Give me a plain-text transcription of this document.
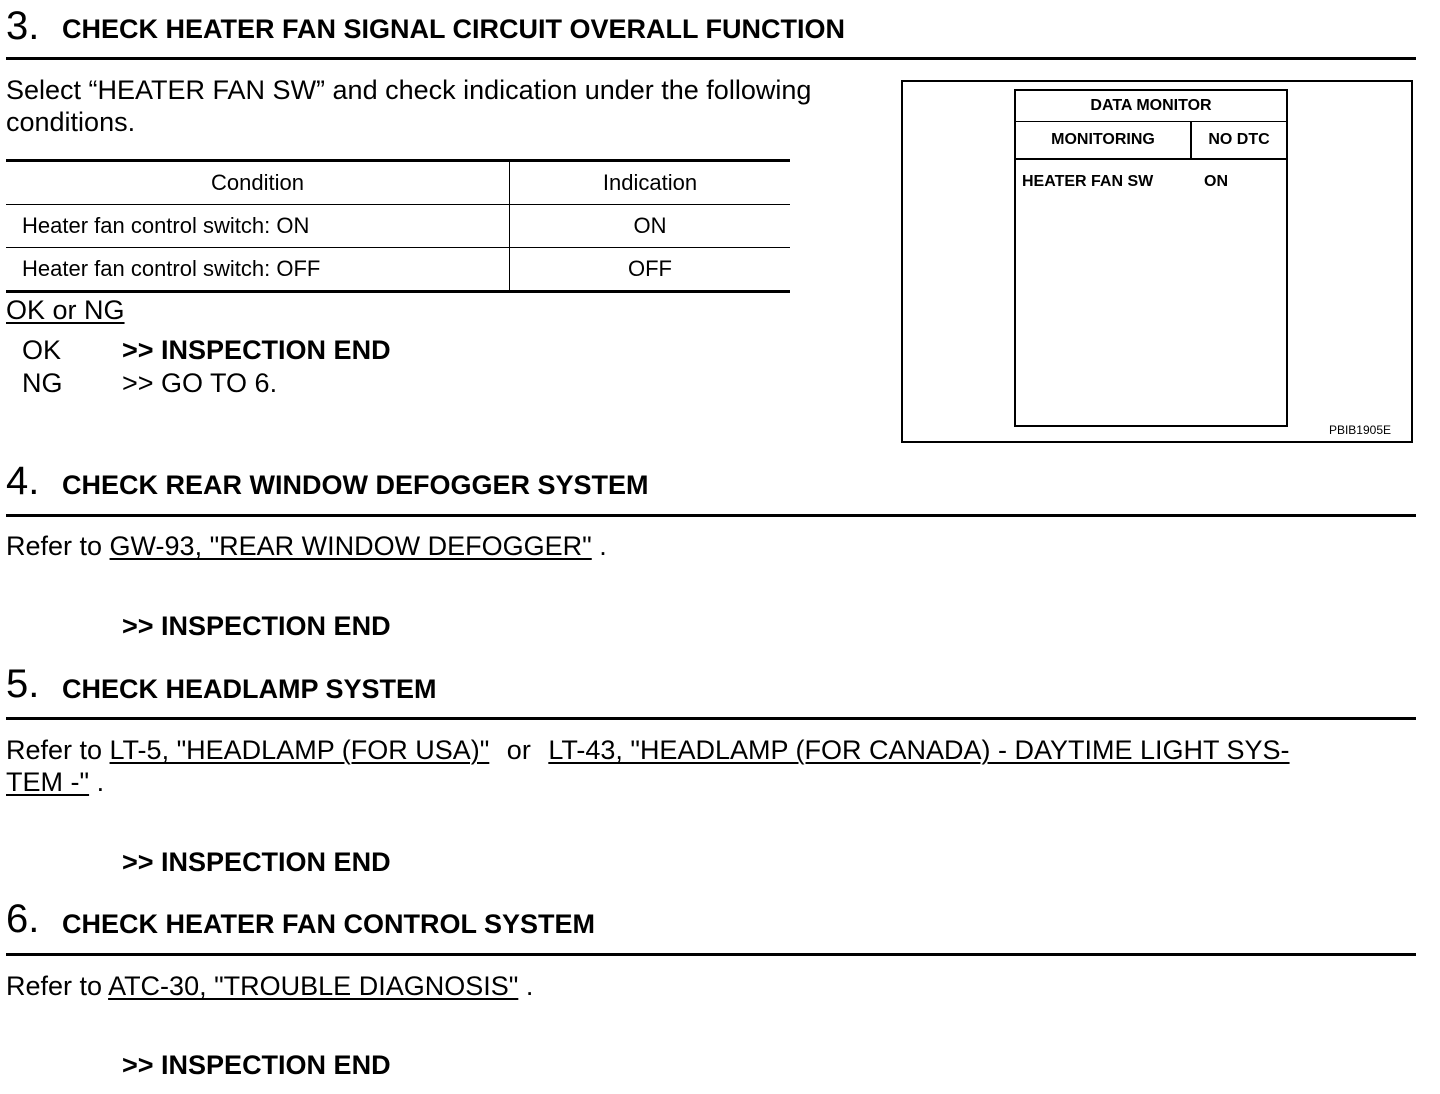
3. CHECK HEATER FAN SIGNAL CIRCUIT OVERALL FUNCTION
Select “HEATER FAN SW” and check indication under the following
conditions.
Condition	Indication
Heater fan control switch: ON	ON
Heater fan control switch: OFF	OFF
OK or NG
OK >> INSPECTION END
NG >> GO TO 6.
DATA MONITOR
MONITORING	NO DTC
HEATER FAN SW	ON
PBIB1905E
4. CHECK REAR WINDOW DEFOGGER SYSTEM
Refer to GW-93, "REAR WINDOW DEFOGGER" .
>> INSPECTION END
5. CHECK HEADLAMP SYSTEM
Refer to LT-5, "HEADLAMP (FOR USA)" or LT-43, "HEADLAMP (FOR CANADA) - DAYTIME LIGHT SYS-
TEM -" .
>> INSPECTION END
6. CHECK HEATER FAN CONTROL SYSTEM
Refer to ATC-30, "TROUBLE DIAGNOSIS" .
>> INSPECTION END
